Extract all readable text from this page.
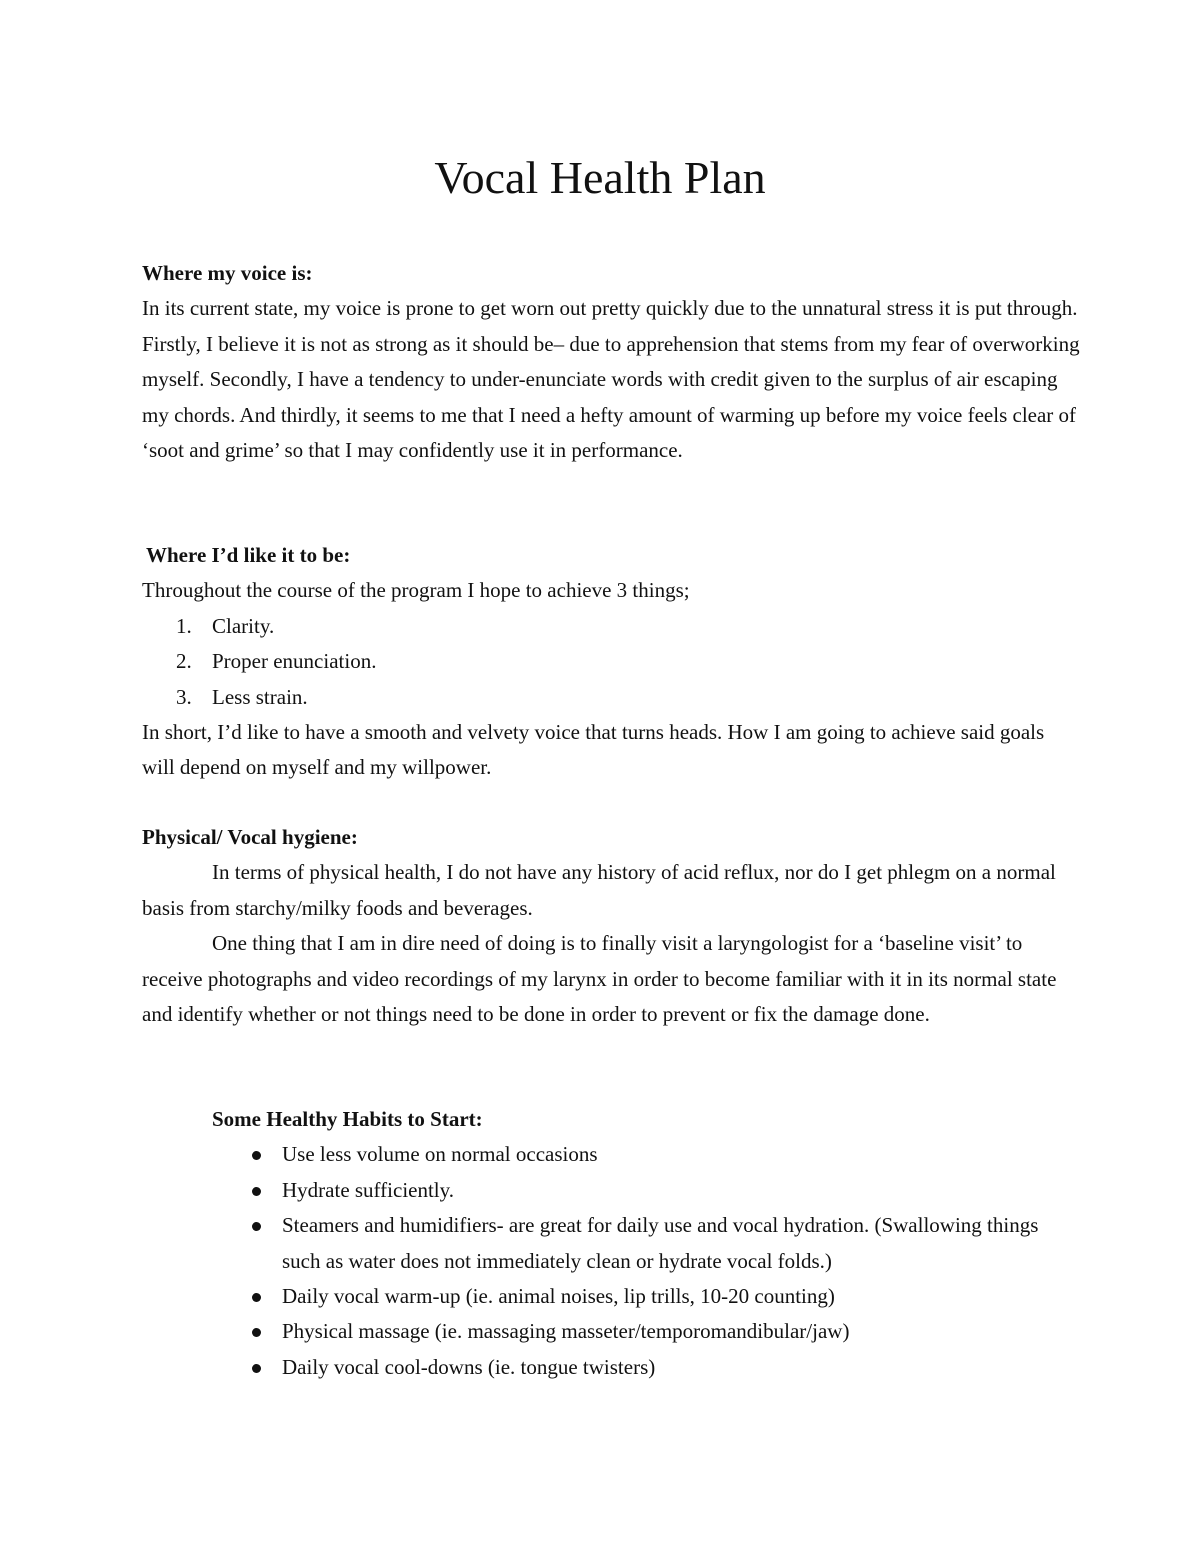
Vocal Health Plan
Where my voice is:
In its current state, my voice is prone to get worn out pretty quickly due to the unnatural stress it is put through. Firstly, I believe it is not as strong as it should be– due to apprehension that stems from my fear of overworking myself. Secondly, I have a tendency to under-enunciate words with credit given to the surplus of air escaping my chords. And thirdly, it seems to me that I need a hefty amount of warming up before my voice feels clear of ‘soot and grime’ so that I may confidently use it in performance.
Where I’d like it to be:
Throughout the course of the program I hope to achieve 3 things;
1. Clarity.
2. Proper enunciation.
3. Less strain.
In short, I’d like to have a smooth and velvety voice that turns heads. How I am going to achieve said goals will depend on myself and my willpower.
Physical/ Vocal hygiene:
In terms of physical health, I do not have any history of acid reflux, nor do I get phlegm on a normal basis from starchy/milky foods and beverages.
One thing that I am in dire need of doing is to finally visit a laryngologist for a ‘baseline visit’ to receive photographs and video recordings of my larynx in order to become familiar with it in its normal state and identify whether or not things need to be done in order to prevent or fix the damage done.
Some Healthy Habits to Start:
Use less volume on normal occasions
Hydrate sufficiently.
Steamers and humidifiers- are great for daily use and vocal hydration. (Swallowing things such as water does not immediately clean or hydrate vocal folds.)
Daily vocal warm-up (ie. animal noises, lip trills, 10-20 counting)
Physical massage (ie. massaging masseter/temporomandibular/jaw)
Daily vocal cool-downs (ie. tongue twisters)
